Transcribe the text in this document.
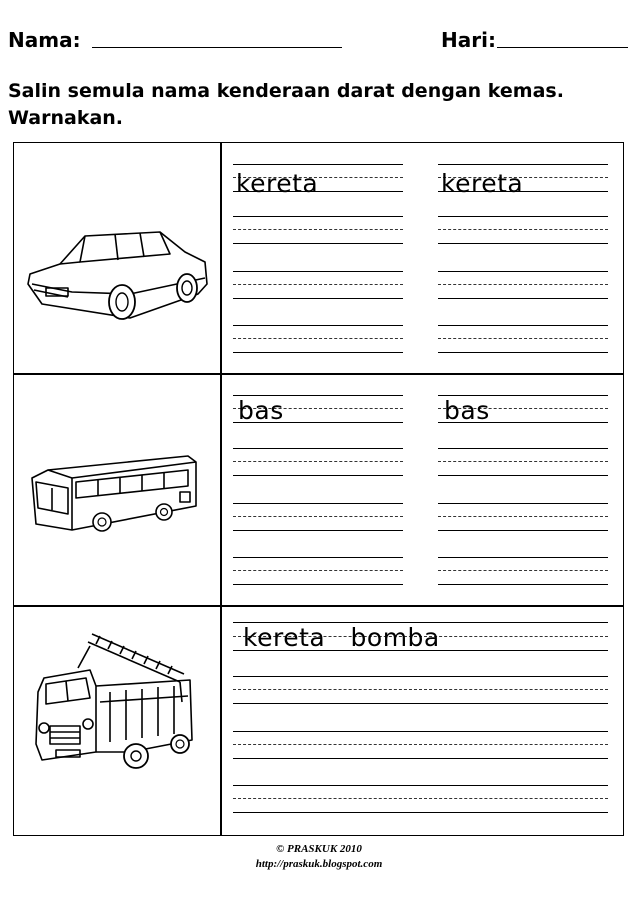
Nama:	Hari:
Salin semula nama kenderaan darat dengan kemas.
Warnakan.
kereta	kereta
bas	bas
kereta   bomba
© PRASKUK 2010
http://praskuk.blogspot.com
